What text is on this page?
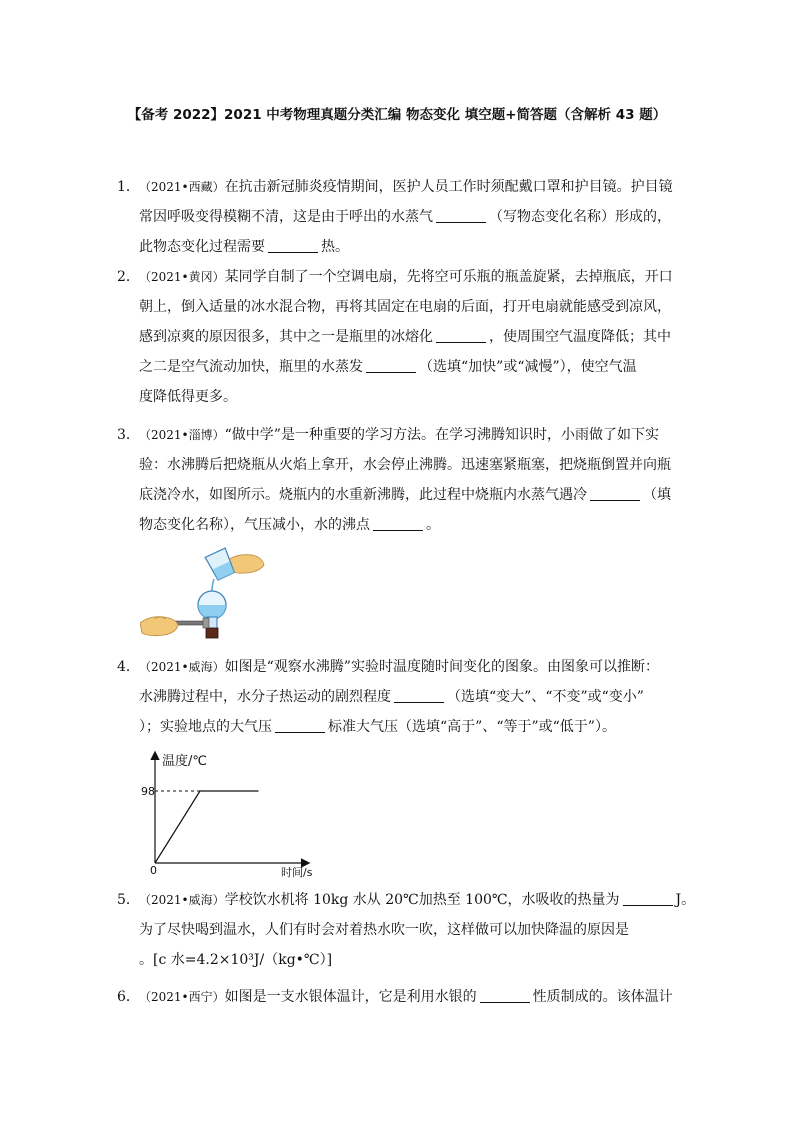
【备考 2022】2021 中考物理真题分类汇编 物态变化 填空题+简答题（含解析 43 题）
1． （2021•西藏）在抗击新冠肺炎疫情期间，医护人员工作时须配戴口罩和护目镜。护目镜
常因呼吸变得模糊不清，这是由于呼出的水蒸气	（写物态变化名称）形成的，
此物态变化过程需要	热。
2． （2021•黄冈）某同学自制了一个空调电扇，先将空可乐瓶的瓶盖旋紧，去掉瓶底，开口
朝上，倒入适量的冰水混合物，再将其固定在电扇的后面，打开电扇就能感受到凉风，
感到凉爽的原因很多，其中之一是瓶里的冰熔化	，使周围空气温度降低；其中
之二是空气流动加快，瓶里的水蒸发	（选填“加快”或“减慢”），使空气温
度降低得更多。
3． （2021•淄博）“做中学”是一种重要的学习方法。在学习沸腾知识时，小雨做了如下实
验：水沸腾后把烧瓶从火焰上拿开，水会停止沸腾。迅速塞紧瓶塞，把烧瓶倒置并向瓶
底浇冷水，如图所示。烧瓶内的水重新沸腾，此过程中烧瓶内水蒸气遇冷	（填
物态变化名称），气压减小，水的沸点	。
4． （2021•威海）如图是“观察水沸腾”实验时温度随时间变化的图象。由图象可以推断：
水沸腾过程中，水分子热运动的剧烈程度	（选填“变大”、“不变”或“变小”
）；实验地点的大气压	标准大气压（选填“高于”、“等于”或“低于”）。
温度/℃
时间/s
0
98
5． （2021•威海）学校饮水机将 10kg 水从 20℃加热至 100℃，水吸收的热量为	J。
为了尽快喝到温水，人们有时会对着热水吹一吹，这样做可以加快降温的原因是
。[c 水=4.2×10³J/（kg•℃）]
6． （2021•西宁）如图是一支水银体温计，它是利用水银的	性质制成的。该体温计
